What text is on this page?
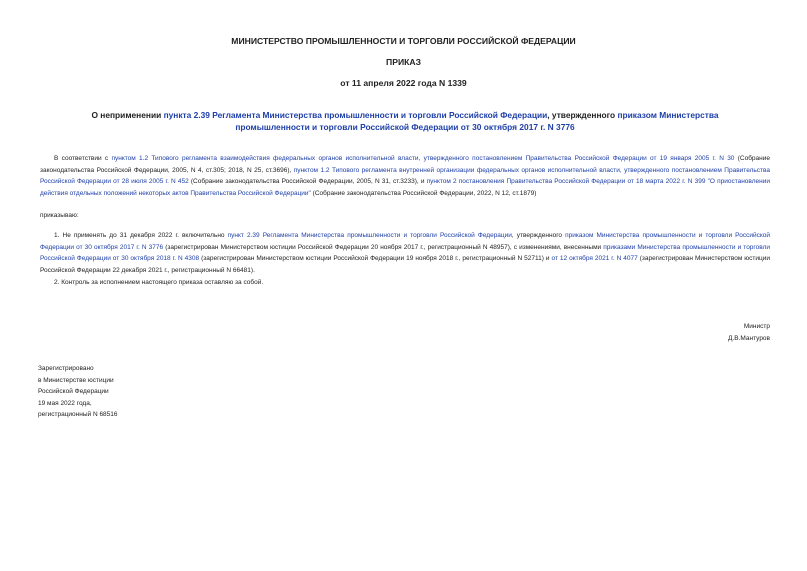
МИНИСТЕРСТВО ПРОМЫШЛЕННОСТИ И ТОРГОВЛИ РОССИЙСКОЙ ФЕДЕРАЦИИ
ПРИКАЗ
от 11 апреля 2022 года N 1339
О неприменении пункта 2.39 Регламента Министерства промышленности и торговли Российской Федерации, утвержденного приказом Министерства промышленности и торговли Российской Федерации от 30 октября 2017 г. N 3776
В соответствии с пунктом 1.2 Типового регламента взаимодействия федеральных органов исполнительной власти, утвержденного постановлением Правительства Российской Федерации от 19 января 2005 г. N 30 (Собрание законодательства Российской Федерации, 2005, N 4, ст.305; 2018, N 25, ст.3696), пунктом 1.2 Типового регламента внутренней организации федеральных органов исполнительной власти, утвержденного постановлением Правительства Российской Федерации от 28 июля 2005 г. N 452 (Собрание законодательства Российской Федерации, 2005, N 31, ст.3233), и пунктом 2 постановления Правительства Российской Федерации от 18 марта 2022 г. N 399 "О приостановлении действия отдельных положений некоторых актов Правительства Российской Федерации" (Собрание законодательства Российской Федерации, 2022, N 12, ст.1879)
приказываю:
1. Не применять до 31 декабря 2022 г. включительно пункт 2.39 Регламента Министерства промышленности и торговли Российской Федерации, утвержденного приказом Министерства промышленности и торговли Российской Федерации от 30 октября 2017 г. N 3776 (зарегистрирован Министерством юстиции Российской Федерации 20 ноября 2017 г., регистрационный N 48957), с изменениями, внесенными приказами Министерства промышленности и торговли Российской Федерации от 30 октября 2018 г. N 4308 (зарегистрирован Министерством юстиции Российской Федерации 19 ноября 2018 г., регистрационный N 52711) и от 12 октября 2021 г. N 4077 (зарегистрирован Министерством юстиции Российской Федерации 22 декабря 2021 г., регистрационный N 66481).
2. Контроль за исполнением настоящего приказа оставляю за собой.
Министр
Д.В.Мантуров
Зарегистрировано
в Министерстве юстиции
Российской Федерации
19 мая 2022 года,
регистрационный N 68516
